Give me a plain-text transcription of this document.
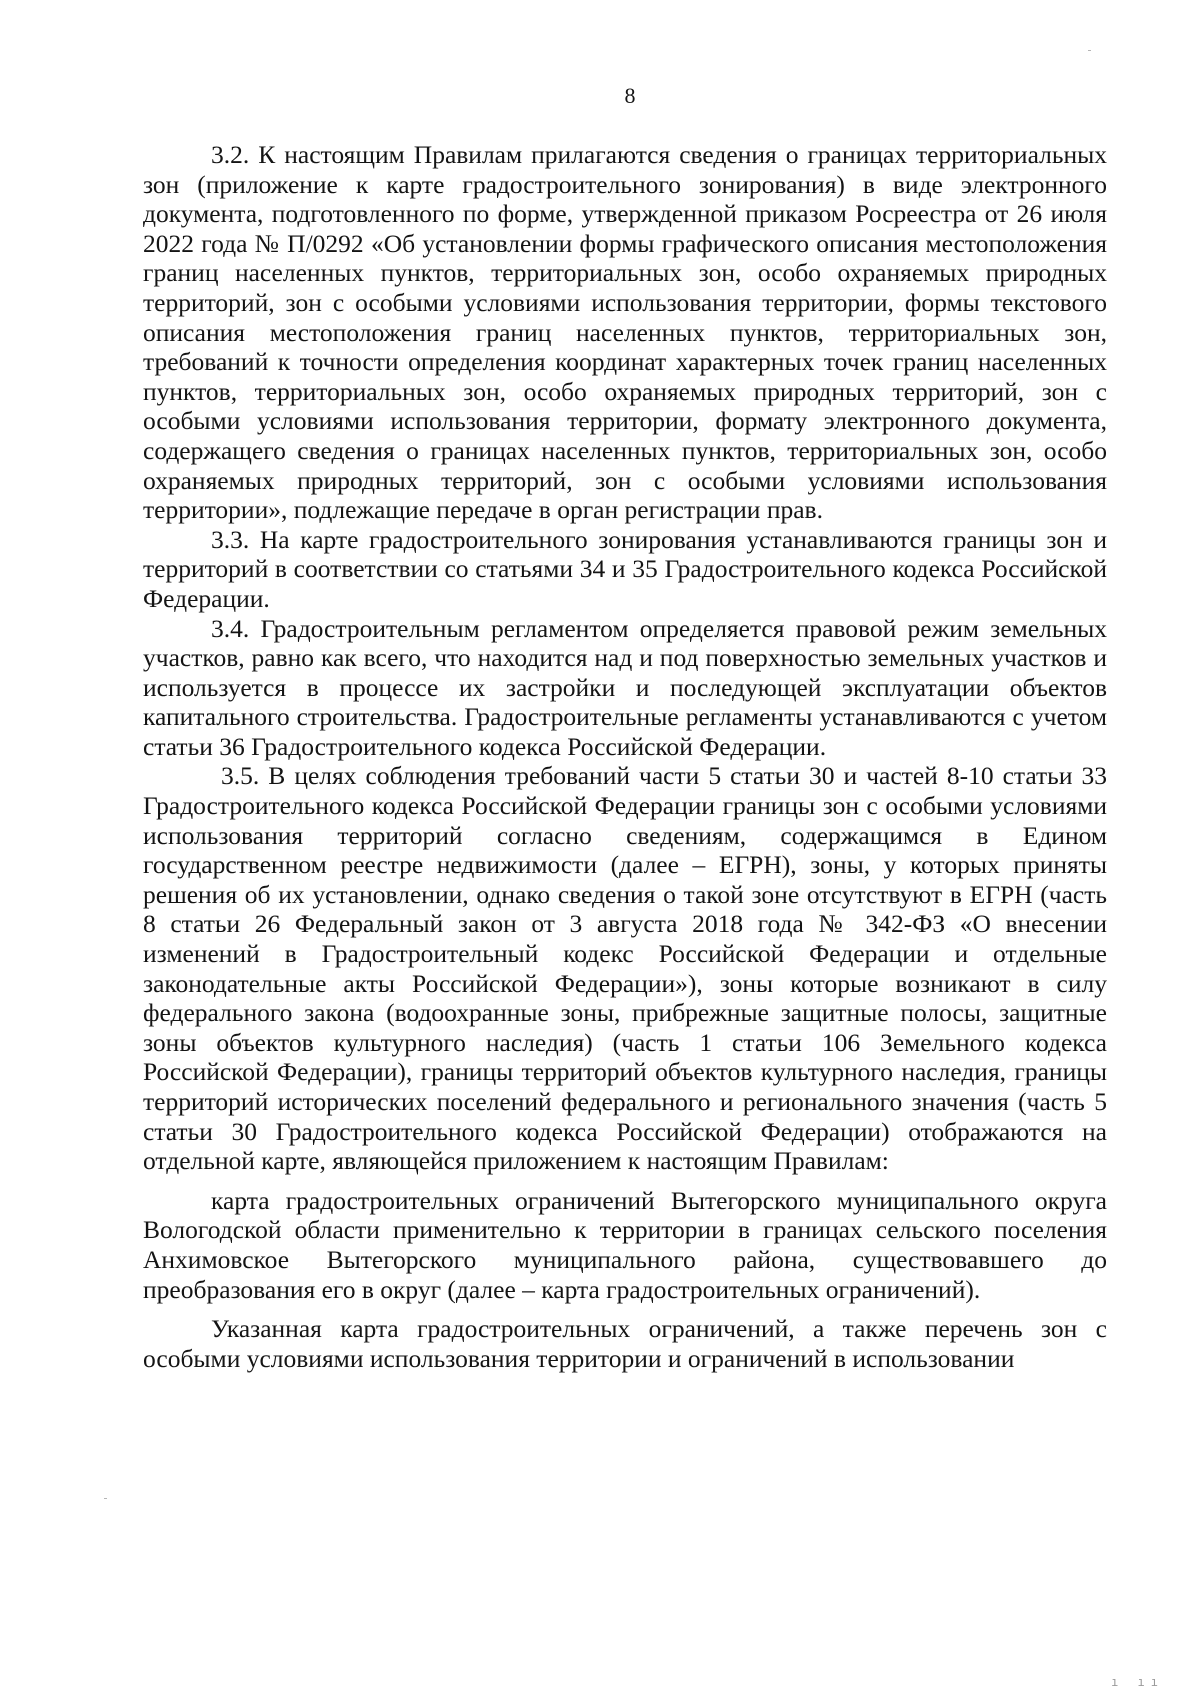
8

3.2. К настоящим Правилам прилагаются сведения о границах территориальных зон (приложение к карте градостроительного зонирования) в виде электронного документа, подготовленного по форме, утвержденной приказом Росреестра от 26 июля 2022 года № П/0292 «Об установлении формы графического описания местоположения границ населенных пунктов, территориальных зон, особо охраняемых природных территорий, зон с особыми условиями использования территории, формы текстового описания местоположения границ населенных пунктов, территориальных зон, требований к точности определения координат характерных точек границ населенных пунктов, территориальных зон, особо охраняемых природных территорий, зон с особыми условиями использования территории, формату электронного документа, содержащего сведения о границах населенных пунктов, территориальных зон, особо охраняемых природных территорий, зон с особыми условиями использования территории», подлежащие передаче в орган регистрации прав.

3.3. На карте градостроительного зонирования устанавливаются границы зон и территорий в соответствии со статьями 34 и 35 Градостроительного кодекса Российской Федерации.

3.4. Градостроительным регламентом определяется правовой режим земельных участков, равно как всего, что находится над и под поверхностью земельных участков и используется в процессе их застройки и последующей эксплуатации объектов капитального строительства. Градостроительные регламенты устанавливаются с учетом статьи 36 Градостроительного кодекса Российской Федерации.

3.5. В целях соблюдения требований части 5 статьи 30 и частей 8-10 статьи 33 Градостроительного кодекса Российской Федерации границы зон с особыми условиями использования территорий согласно сведениям, содержащимся в Едином государственном реестре недвижимости (далее – ЕГРН), зоны, у которых приняты решения об их установлении, однако сведения о такой зоне отсутствуют в ЕГРН (часть 8 статьи 26 Федеральный закон от 3 августа 2018 года № 342-ФЗ «О внесении изменений в Градостроительный кодекс Российской Федерации и отдельные законодательные акты Российской Федерации»), зоны которые возникают в силу федерального закона (водоохранные зоны, прибрежные защитные полосы, защитные зоны объектов культурного наследия) (часть 1 статьи 106 Земельного кодекса Российской Федерации), границы территорий объектов культурного наследия, границы территорий исторических поселений федерального и регионального значения (часть 5 статьи 30 Градостроительного кодекса Российской Федерации) отображаются на отдельной карте, являющейся приложением к настоящим Правилам:

карта градостроительных ограничений Вытегорского муниципального округа Вологодской области применительно к территории в границах сельского поселения Анхимовское Вытегорского муниципального района, существовавшего до преобразования его в округ (далее – карта градостроительных ограничений).

Указанная карта градостроительных ограничений, а также перечень зон с особыми условиями использования территории и ограничений в использовании

ı ıı
